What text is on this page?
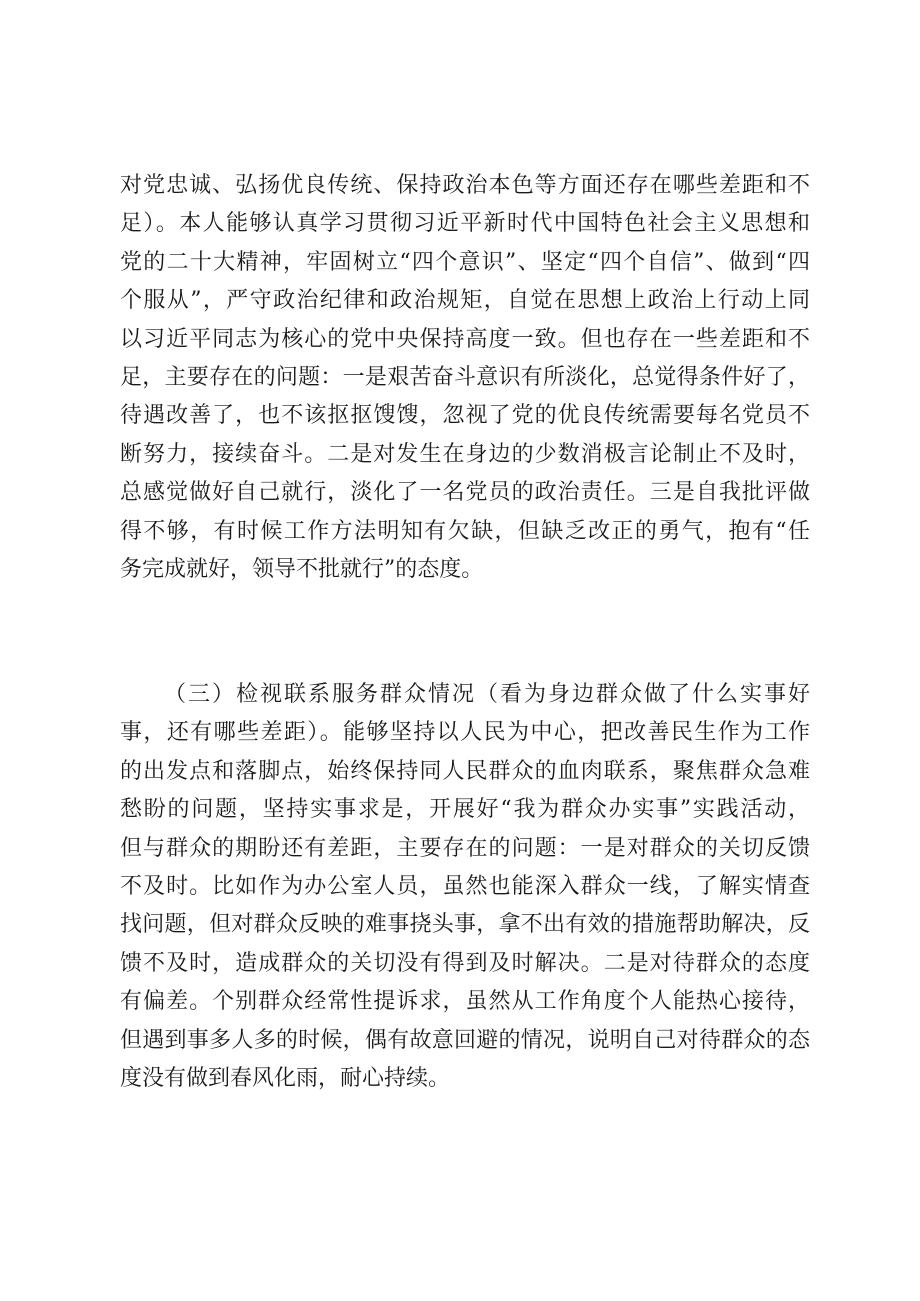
对党忠诚、弘扬优良传统、保持政治本色等方面还存在哪些差距和不
足）。本人能够认真学习贯彻习近平新时代中国特色社会主义思想和
党的二十大精神，牢固树立“四个意识”、坚定“四个自信”、做到“四
个服从”，严守政治纪律和政治规矩，自觉在思想上政治上行动上同
以习近平同志为核心的党中央保持高度一致。但也存在一些差距和不
足，主要存在的问题：一是艰苦奋斗意识有所淡化，总觉得条件好了，
待遇改善了，也不该抠抠馊馊，忽视了党的优良传统需要每名党员不
断努力，接续奋斗。二是对发生在身边的少数消极言论制止不及时，
总感觉做好自己就行，淡化了一名党员的政治责任。三是自我批评做
得不够，有时候工作方法明知有欠缺，但缺乏改正的勇气，抱有“任
务完成就好，领导不批就行”的态度。
（三）检视联系服务群众情况（看为身边群众做了什么实事好
事，还有哪些差距）。能够坚持以人民为中心，把改善民生作为工作
的出发点和落脚点，始终保持同人民群众的血肉联系，聚焦群众急难
愁盼的问题，坚持实事求是，开展好“我为群众办实事”实践活动，
但与群众的期盼还有差距，主要存在的问题：一是对群众的关切反馈
不及时。比如作为办公室人员，虽然也能深入群众一线，了解实情查
找问题，但对群众反映的难事挠头事，拿不出有效的措施帮助解决，反
馈不及时，造成群众的关切没有得到及时解决。二是对待群众的态度
有偏差。个别群众经常性提诉求，虽然从工作角度个人能热心接待，
但遇到事多人多的时候，偶有故意回避的情况，说明自己对待群众的态
度没有做到春风化雨，耐心持续。
